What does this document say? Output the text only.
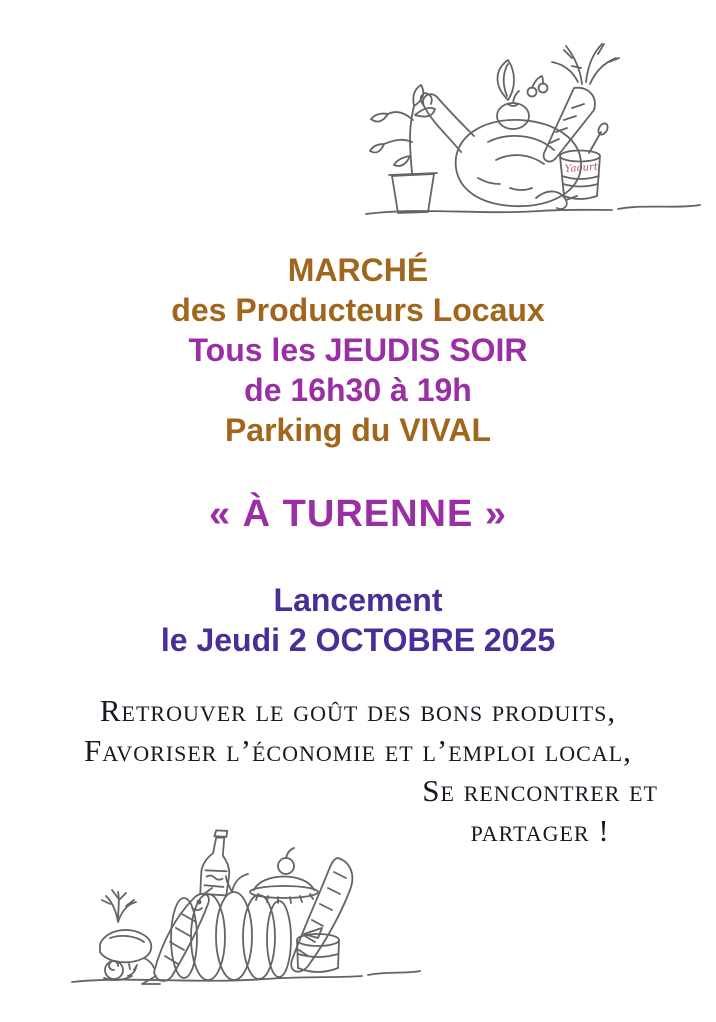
Yaourt
MARCHÉ
des Producteurs Locaux
Tous les JEUDIS SOIR
de 16h30 à 19h
Parking du VIVAL
« À TURENNE »
Lancement
le Jeudi 2 OCTOBRE 2025
Retrouver le goût des bons produits,
Favoriser l’économie et l’emploi local,
Se rencontrer et
partager !
